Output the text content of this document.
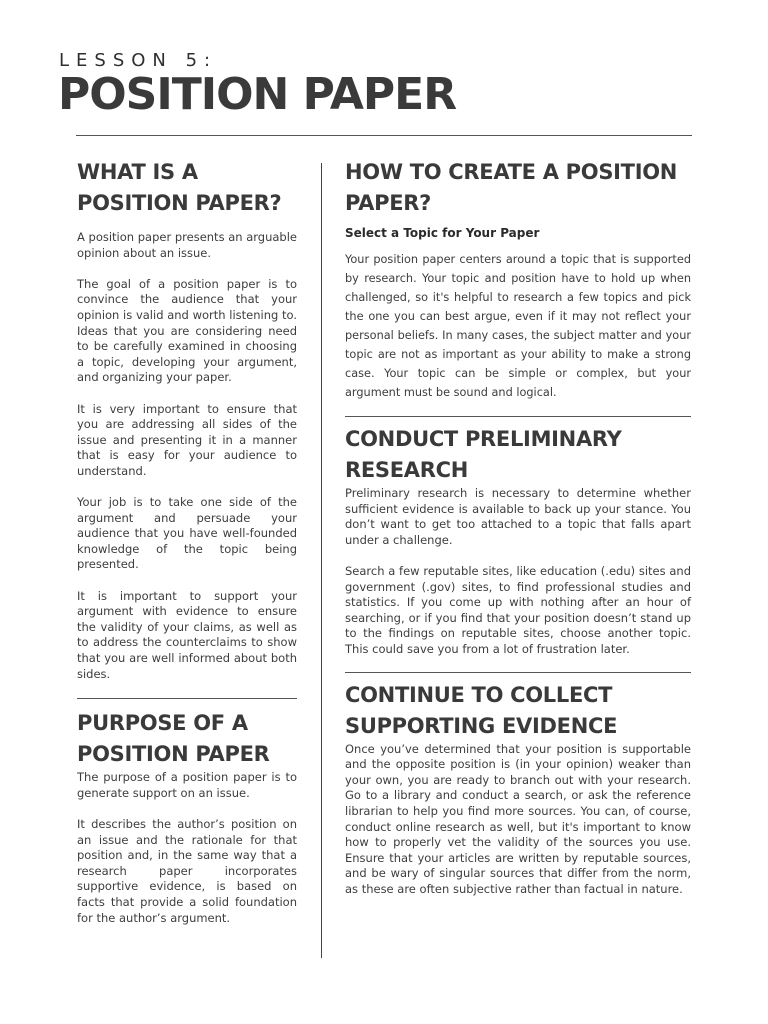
LESSON 5:
POSITION PAPER
WHAT IS A POSITION PAPER?

A position paper presents an arguable opinion about an issue.

The goal of a position paper is to convince the audience that your opinion is valid and worth listening to. Ideas that you are considering need to be carefully examined in choosing a topic, developing your argument, and organizing your paper.

It is very important to ensure that you are addressing all sides of the issue and presenting it in a manner that is easy for your audience to understand.

Your job is to take one side of the argument and persuade your audience that you have well-founded knowledge of the topic being presented.

It is important to support your argument with evidence to ensure the validity of your claims, as well as to address the counterclaims to show that you are well informed about both sides.

PURPOSE OF A POSITION PAPER

The purpose of a position paper is to generate support on an issue.

It describes the author’s position on an issue and the rationale for that position and, in the same way that a research paper incorporates supportive evidence, is based on facts that provide a solid foundation for the author’s argument.

HOW TO CREATE A POSITION PAPER?
Select a Topic for Your Paper

Your position paper centers around a topic that is supported by research. Your topic and position have to hold up when challenged, so it's helpful to research a few topics and pick the one you can best argue, even if it may not reflect your personal beliefs. In many cases, the subject matter and your topic are not as important as your ability to make a strong case. Your topic can be simple or complex, but your argument must be sound and logical.

CONDUCT PRELIMINARY RESEARCH

Preliminary research is necessary to determine whether sufficient evidence is available to back up your stance. You don’t want to get too attached to a topic that falls apart under a challenge.

Search a few reputable sites, like education (.edu) sites and government (.gov) sites, to find professional studies and statistics. If you come up with nothing after an hour of searching, or if you find that your position doesn’t stand up to the findings on reputable sites, choose another topic. This could save you from a lot of frustration later.

CONTINUE TO COLLECT SUPPORTING EVIDENCE

Once you’ve determined that your position is supportable and the opposite position is (in your opinion) weaker than your own, you are ready to branch out with your research. Go to a library and conduct a search, or ask the reference librarian to help you find more sources. You can, of course, conduct online research as well, but it's important to know how to properly vet the validity of the sources you use. Ensure that your articles are written by reputable sources, and be wary of singular sources that differ from the norm, as these are often subjective rather than factual in nature.
